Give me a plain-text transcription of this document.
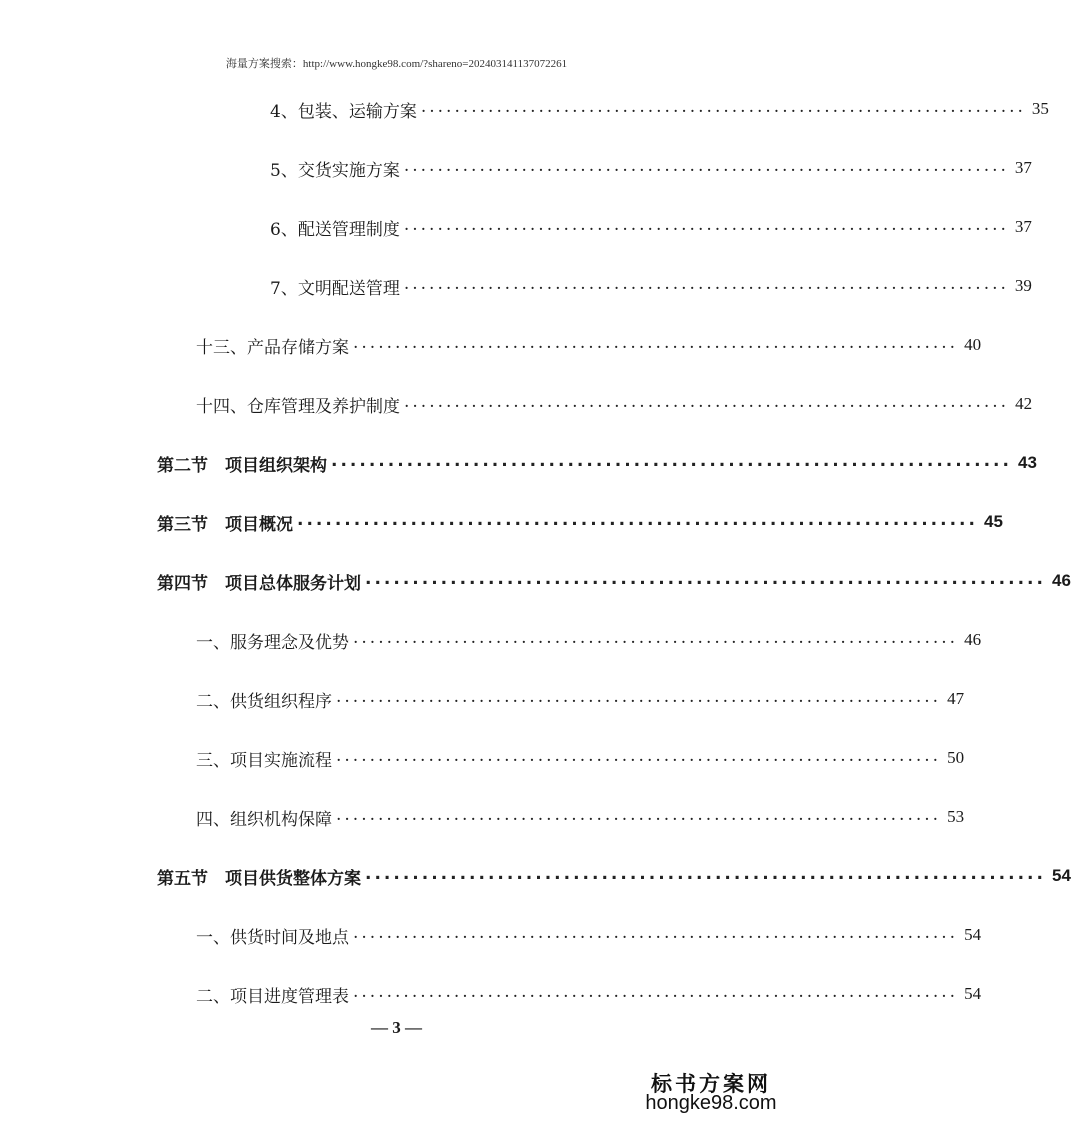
海量方案搜索：http://www.hongke98.com/?shareno=202403141137072261
4、包装、运输方案 ........................................................................ 35
5、交货实施方案 ........................................................................ 37
6、配送管理制度 ........................................................................ 37
7、文明配送管理 ........................................................................ 39
十三、产品存储方案 ........................................................................ 40
十四、仓库管理及养护制度 ........................................................................ 42
第二节　项目组织架构 ........................................................................ 43
第三节　项目概况 ........................................................................ 45
第四节　项目总体服务计划 ........................................................................ 46
一、服务理念及优势 ........................................................................ 46
二、供货组织程序 ........................................................................ 47
三、项目实施流程 ........................................................................ 50
四、组织机构保障 ........................................................................ 53
第五节　项目供货整体方案 ........................................................................ 54
一、供货时间及地点 ........................................................................ 54
二、项目进度管理表 ........................................................................ 54
— 3 —
标书方案网
hongke98.com
